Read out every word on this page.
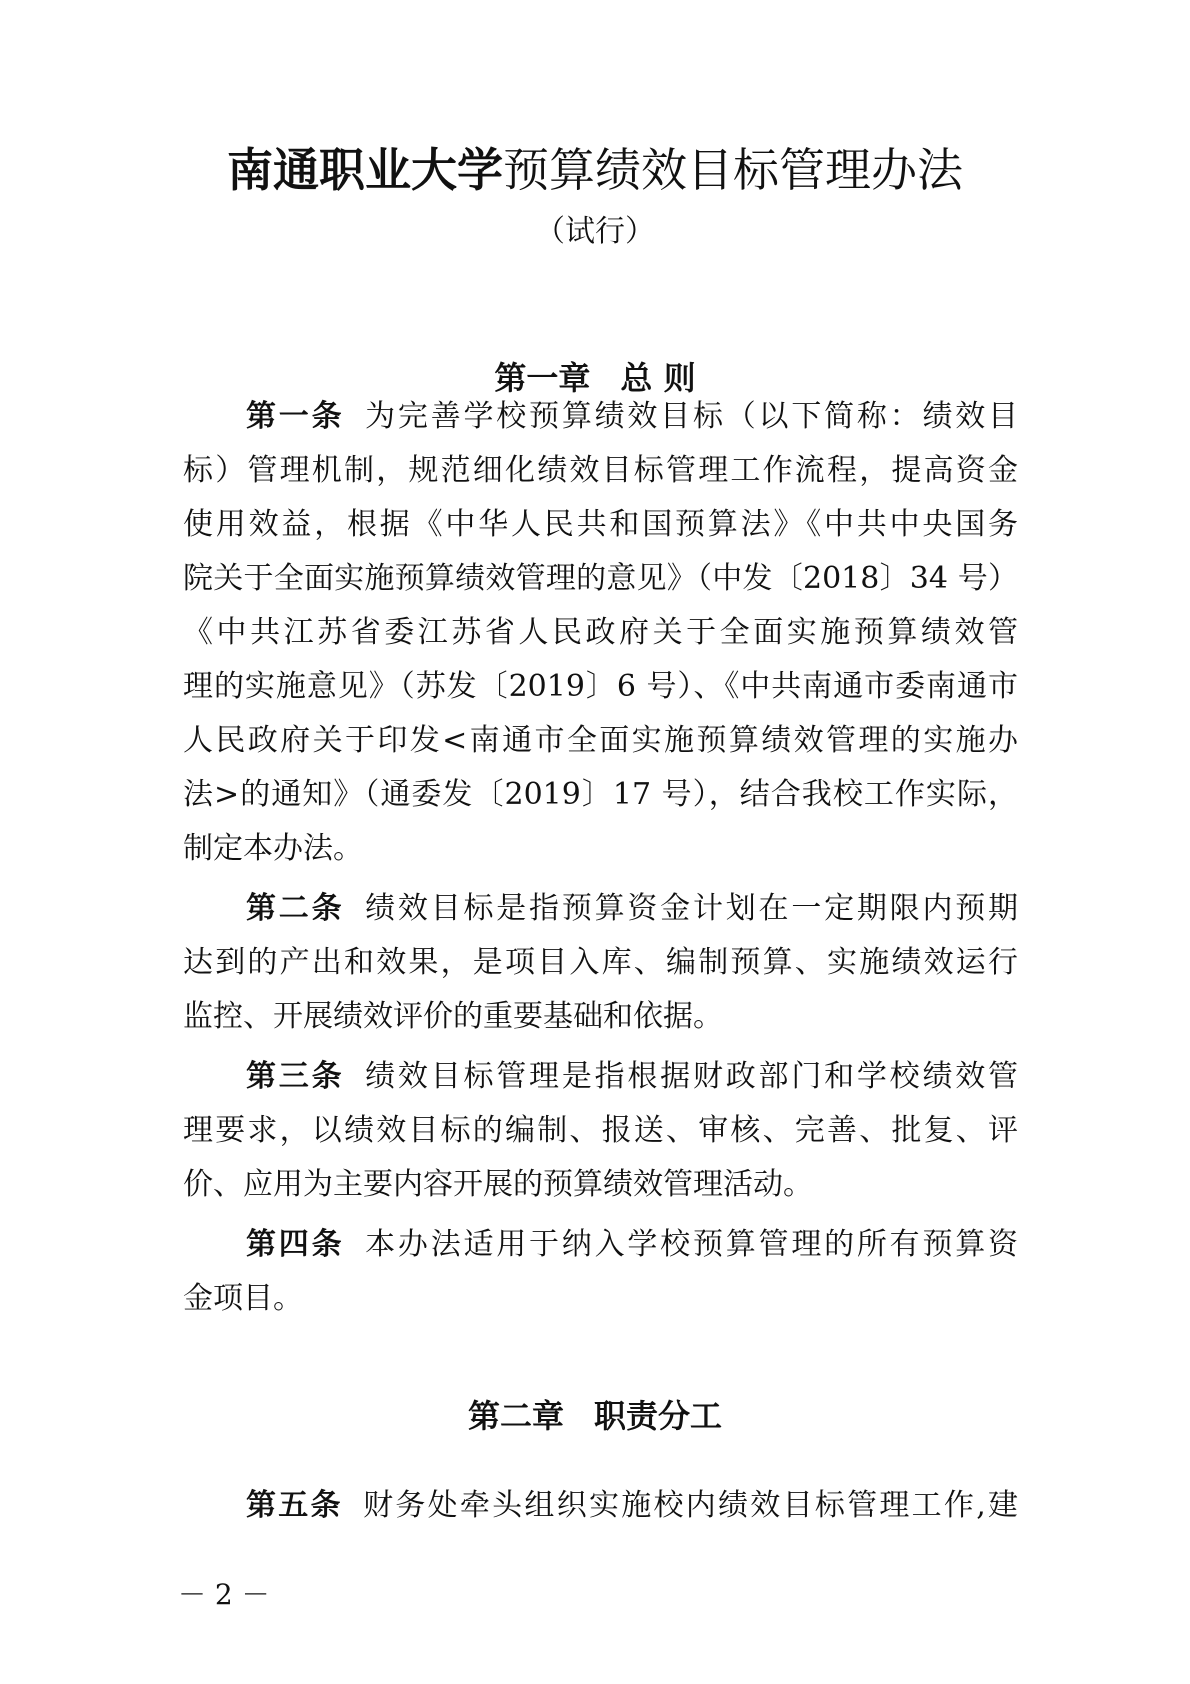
南通职业大学预算绩效目标管理办法
（试行）
第一章 总 则
第一条 为完善学校预算绩效目标（以下简称：绩效目
标）管理机制，规范细化绩效目标管理工作流程，提高资金
使用效益，根据《中华人民共和国预算法》《中共中央国务
院关于全面实施预算绩效管理的意见》（中发〔2018〕34 号）
《中共江苏省委江苏省人民政府关于全面实施预算绩效管
理的实施意见》（苏发〔2019〕6 号）、《中共南通市委南通市
人民政府关于印发<南通市全面实施预算绩效管理的实施办
法>的通知》（通委发〔2019〕17 号），结合我校工作实际，
制定本办法。
第二条 绩效目标是指预算资金计划在一定期限内预期
达到的产出和效果，是项目入库、编制预算、实施绩效运行
监控、开展绩效评价的重要基础和依据。
第三条 绩效目标管理是指根据财政部门和学校绩效管
理要求，以绩效目标的编制、报送、审核、完善、批复、评
价、应用为主要内容开展的预算绩效管理活动。
第四条 本办法适用于纳入学校预算管理的所有预算资
金项目。
第二章 职责分工
第五条 财务处牵头组织实施校内绩效目标管理工作,建
－ 2 －
